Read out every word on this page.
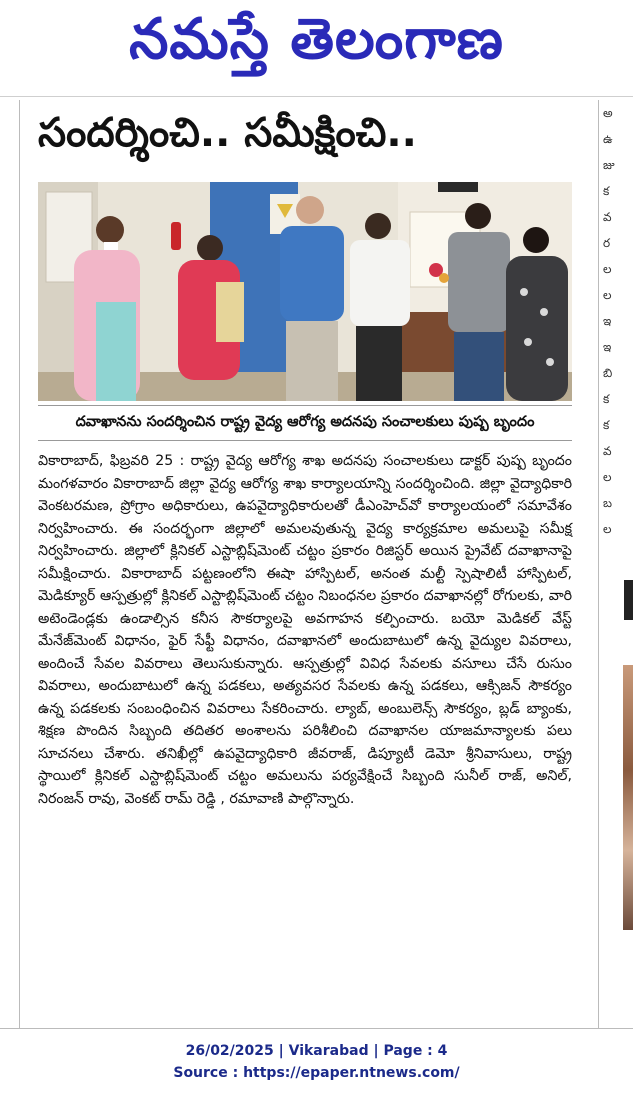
నమస్తే తెలంగాణ
అ
ఉ
జు
క
వ
ర
ల
ల
ఇ
ఇ
బి
క
క
వ
ల
బ
ల
సందర్శించి.. సమీక్షించి..
దవాఖానను సందర్శించిన రాష్ట్ర వైద్య ఆరోగ్య అదనపు సంచాలకులు పుష్ప బృందం
వికారాబాద్, ఫిబ్రవరి 25 : రాష్ట్ర వైద్య ఆరోగ్య శాఖ అదనపు సంచాలకులు డాక్టర్ పుష్ప బృందం మంగళవారం వికారాబాద్ జిల్లా వైద్య ఆరోగ్య శాఖ కార్యాలయాన్ని సందర్శించింది. జిల్లా వైద్యాధికారి వెంకటరమణ, ప్రోగ్రాం అధికారులు, ఉపవైద్యాధికారులతో డీఎంహెచ్‌వో కార్యాలయంలో సమావేశం నిర్వహించారు. ఈ సందర్భంగా జిల్లాలో అమలవుతున్న వైద్య కార్యక్రమాల అమలుపై సమీక్ష నిర్వహించారు. జిల్లాలో క్లినికల్ ఎస్టాబ్లిష్‌మెంట్ చట్టం ప్రకారం రిజిస్టర్ అయిన ప్రైవేట్ దవాఖానాపై సమీక్షించారు. వికారాబాద్ పట్టణంలోని ఈషా హాస్పిటల్, అనంత మల్టీ స్పెషాలిటీ హాస్పిటల్, మెడిక్యూర్ ఆస్పత్రుల్లో క్లినికల్ ఎస్టాబ్లిష్‌మెంట్ చట్టం నిబంధనల ప్రకారం దవాఖానల్లో రోగులకు, వారి అటెండెండ్లకు ఉండాల్సిన కనీస సౌకర్యాలపై అవగాహన కల్పించారు. బయో మెడికల్ వేస్ట్ మేనేజ్‌మెంట్ విధానం, ఫైర్ సేఫ్టీ విధానం, దవాఖానలో అందుబాటులో ఉన్న వైద్యుల వివరాలు, అందించే సేవల వివరాలు తెలుసుకున్నారు. ఆస్పత్రుల్లో వివిధ సేవలకు వసూలు చేసే రుసుం వివరాలు, అందుబాటులో ఉన్న పడకలు, అత్యవసర సేవలకు ఉన్న పడకలు, ఆక్సిజన్ సౌకర్యం ఉన్న పడకలకు సంబంధించిన వివరాలు సేకరించారు. ల్యాబ్, అంబులెన్స్ సౌకర్యం, బ్లడ్ బ్యాంకు, శిక్షణ పొందిన సిబ్బంది తదితర అంశాలను పరిశీలించి దవాఖానల యాజమాన్యాలకు పలు సూచనలు చేశారు. తనిఖీల్లో ఉపవైద్యాధికారి జీవరాజ్, డిప్యూటీ డెమో శ్రీనివాసులు, రాష్ట్ర స్థాయిలో క్లినికల్ ఎస్టాబ్లిష్‌మెంట్ చట్టం అమలును పర్యవేక్షించే సిబ్బంది సునీల్ రాజ్, అనిల్, నిరంజన్ రావు, వెంకట్ రామ్ రెడ్డి , రమావాణి పాల్గొన్నారు.
26/02/2025 | Vikarabad | Page : 4
Source : https://epaper.ntnews.com/
